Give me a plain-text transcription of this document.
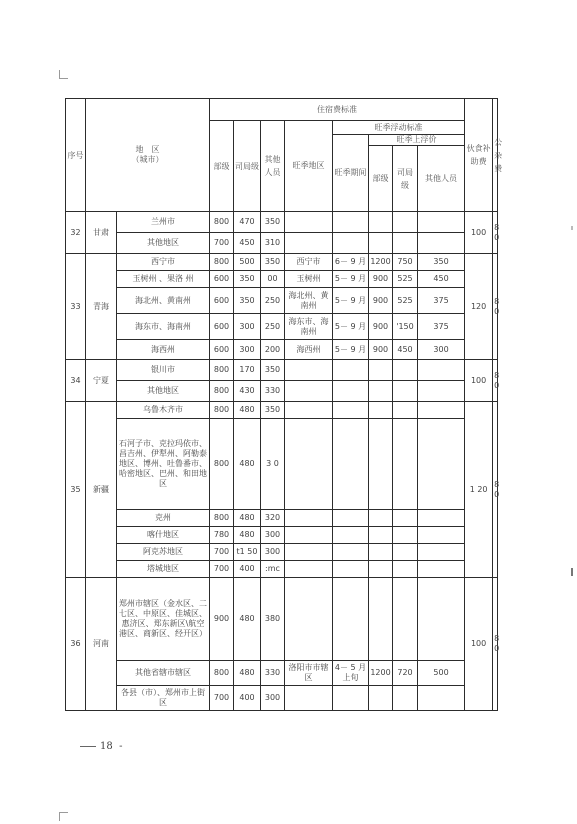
序号	地　区
（城市）		住宿费标准								伙食补助费	公杂费
			部级	司局级	其他人员	旺季地区	旺季浮动标准					
							旺季期间	旺季上浮价				
								部级	司局级	其他人员		
32	甘肃	兰州市	800	470	350						100	80
		其他地区	700	450	310							
33	青海	西宁市	800	500	350	西宁市	6－ 9 月	1200	750	350	120	80
		玉树州 、果洛 州	600	350	00	玉树州	5－ 9 月	900	525	450		
		海北州、黄南州	600	350	250	海北州、黄南州	5－ 9 月	900	525	375		
		海东市、海南州	600	300	250	海东市、海南州	5－ 9 月	900	'150	375		
		海西州	600	300	200	海西州	5－ 9 月	900	450	300		
34	宁夏	银川市	800	170	350						100	80
		其他地区	800	430	330							
35	新疆	乌鲁木齐市	800	480	350						1 20	80
		石河子市、克拉玛依市、昌吉州、伊犁州、阿勒泰地区、博州、吐鲁番市、哈密地区、巴州、和田地区	800	480	3 0							
		克州	800	480	320							
		喀什地区	780	480	300							
		阿克苏地区	700	t1 50	300							
		塔城地区	700	400	:mc							
36	河南	郑州市辖区（金水区、二七区、中原区、佳城区、惠济区、郑东新区\航空港区、商新区、经开区）	900	480	380						100	80
		其他省辖市辖区	800	480	330	洛阳市市辖区	4－ 5 月上旬	1200	720	500		
		各县（市）、郑州市上街区	700	400	300							
18 -
